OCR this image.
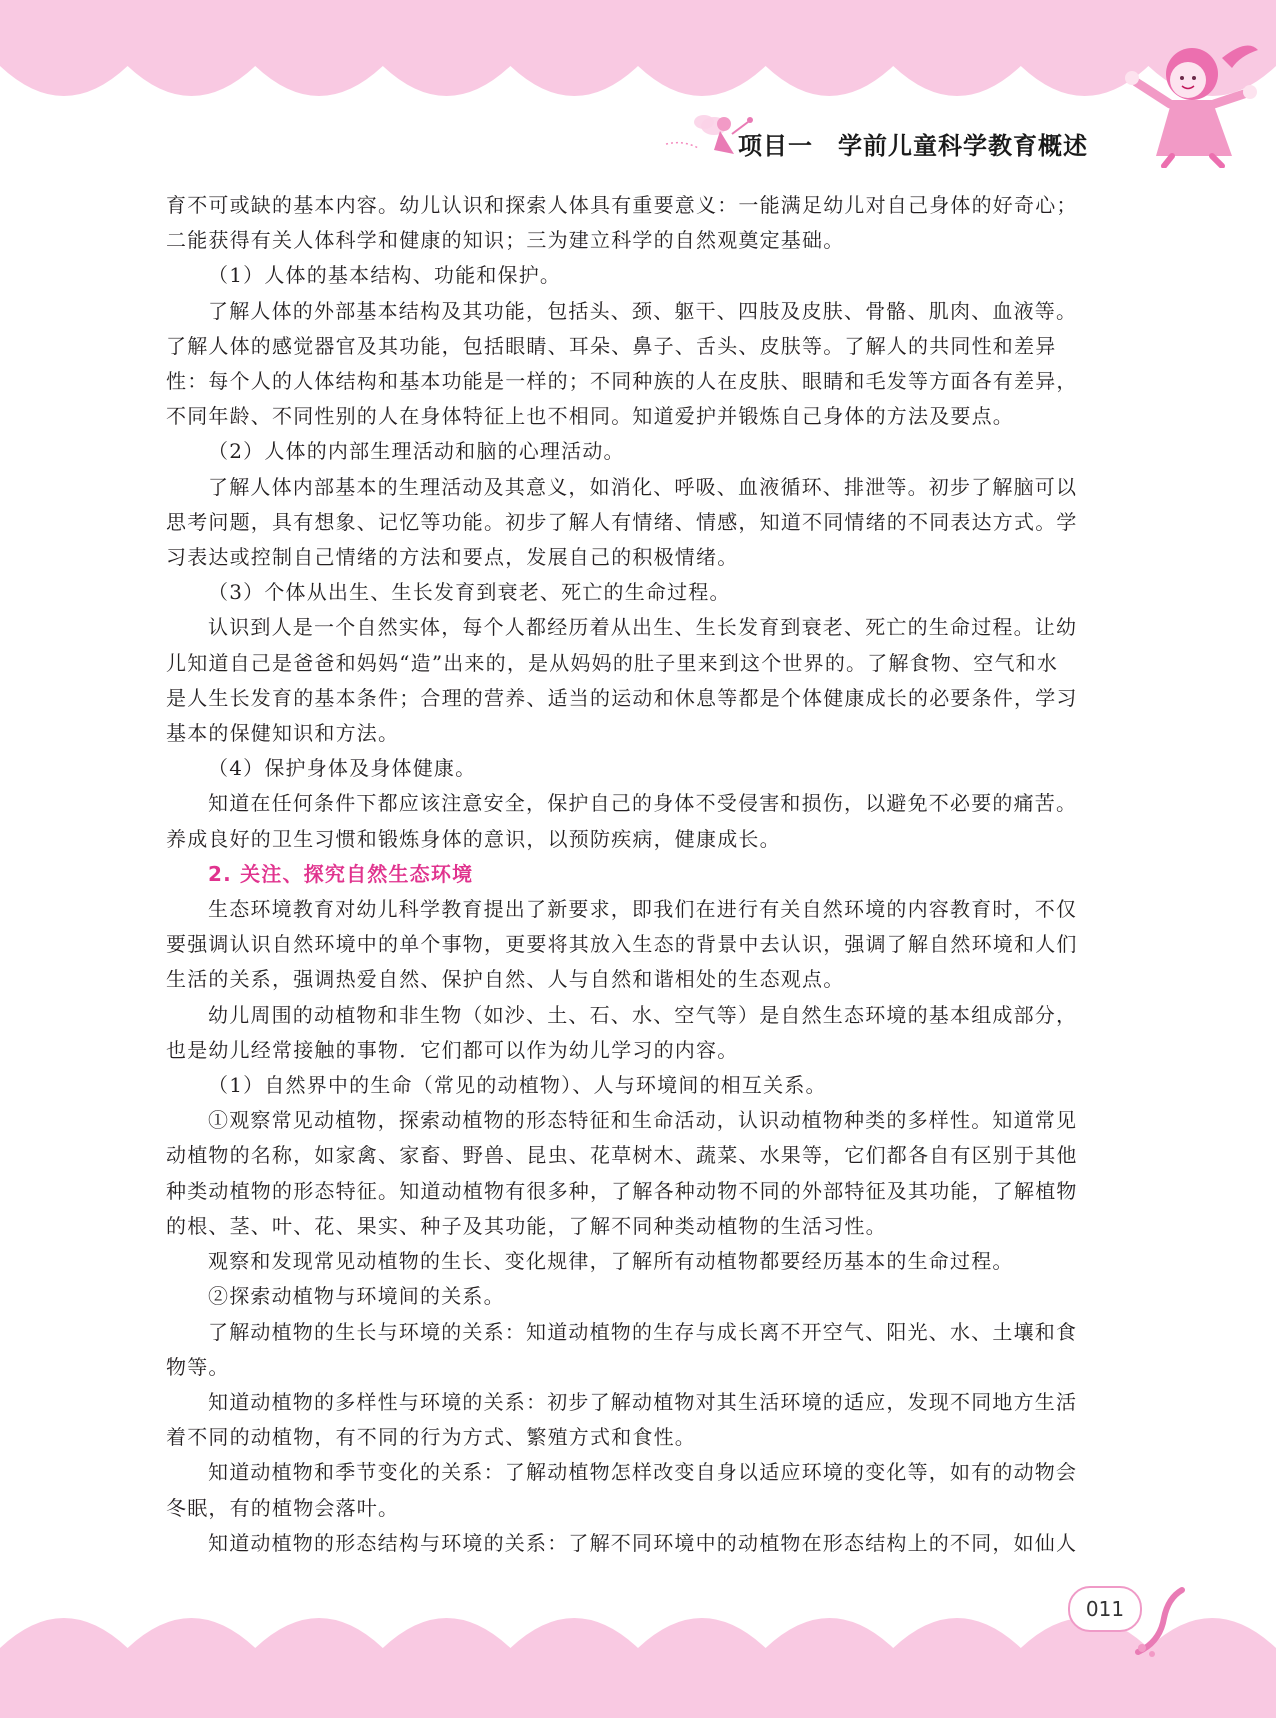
项目一　学前儿童科学教育概述

育不可或缺的基本内容。幼儿认识和探索人体具有重要意义：一能满足幼儿对自己身体的好奇心；

二能获得有关人体科学和健康的知识；三为建立科学的自然观奠定基础。

（1）人体的基本结构、功能和保护。

了解人体的外部基本结构及其功能，包括头、颈、躯干、四肢及皮肤、骨骼、肌肉、血液等。

了解人体的感觉器官及其功能，包括眼睛、耳朵、鼻子、舌头、皮肤等。了解人的共同性和差异

性：每个人的人体结构和基本功能是一样的；不同种族的人在皮肤、眼睛和毛发等方面各有差异，

不同年龄、不同性别的人在身体特征上也不相同。知道爱护并锻炼自己身体的方法及要点。

（2）人体的内部生理活动和脑的心理活动。

了解人体内部基本的生理活动及其意义，如消化、呼吸、血液循环、排泄等。初步了解脑可以

思考问题，具有想象、记忆等功能。初步了解人有情绪、情感，知道不同情绪的不同表达方式。学

习表达或控制自己情绪的方法和要点，发展自己的积极情绪。

（3）个体从出生、生长发育到衰老、死亡的生命过程。

认识到人是一个自然实体，每个人都经历着从出生、生长发育到衰老、死亡的生命过程。让幼

儿知道自己是爸爸和妈妈“造”出来的，是从妈妈的肚子里来到这个世界的。了解食物、空气和水

是人生长发育的基本条件；合理的营养、适当的运动和休息等都是个体健康成长的必要条件，学习

基本的保健知识和方法。

（4）保护身体及身体健康。

知道在任何条件下都应该注意安全，保护自己的身体不受侵害和损伤，以避免不必要的痛苦。

养成良好的卫生习惯和锻炼身体的意识，以预防疾病，健康成长。

2. 关注、探究自然生态环境

生态环境教育对幼儿科学教育提出了新要求，即我们在进行有关自然环境的内容教育时，不仅

要强调认识自然环境中的单个事物，更要将其放入生态的背景中去认识，强调了解自然环境和人们

生活的关系，强调热爱自然、保护自然、人与自然和谐相处的生态观点。

幼儿周围的动植物和非生物（如沙、土、石、水、空气等）是自然生态环境的基本组成部分，

也是幼儿经常接触的事物．它们都可以作为幼儿学习的内容。

（1）自然界中的生命（常见的动植物）、人与环境间的相互关系。

①观察常见动植物，探索动植物的形态特征和生命活动，认识动植物种类的多样性。知道常见

动植物的名称，如家禽、家畜、野兽、昆虫、花草树木、蔬菜、水果等，它们都各自有区别于其他

种类动植物的形态特征。知道动植物有很多种，了解各种动物不同的外部特征及其功能，了解植物

的根、茎、叶、花、果实、种子及其功能，了解不同种类动植物的生活习性。

观察和发现常见动植物的生长、变化规律，了解所有动植物都要经历基本的生命过程。

②探索动植物与环境间的关系。

了解动植物的生长与环境的关系：知道动植物的生存与成长离不开空气、阳光、水、土壤和食

物等。

知道动植物的多样性与环境的关系：初步了解动植物对其生活环境的适应，发现不同地方生活

着不同的动植物，有不同的行为方式、繁殖方式和食性。

知道动植物和季节变化的关系：了解动植物怎样改变自身以适应环境的变化等，如有的动物会

冬眠，有的植物会落叶。

知道动植物的形态结构与环境的关系：了解不同环境中的动植物在形态结构上的不同，如仙人

011
